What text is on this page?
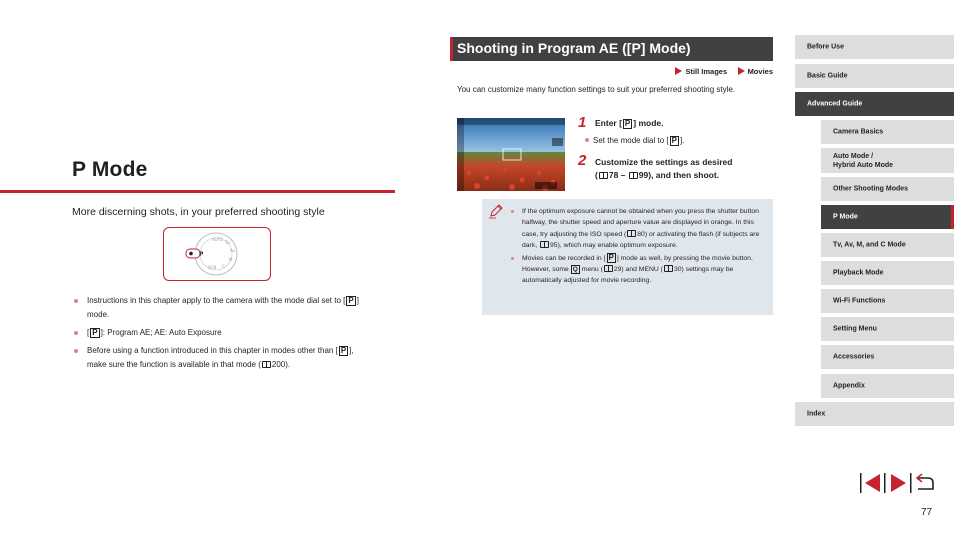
P Mode
More discerning shots, in your preferred shooting style
AUTO
Tv
Av
M
C
SCN
P
Instructions in this chapter apply to the camera with the mode dial set to [ P ] mode.
[ P ]: Program AE; AE: Auto Exposure
Before using a function introduced in this chapter in modes other than [ P ], make sure the function is available in that mode ( 200).
Shooting in Program AE ([P] Mode)
Still Images	Movies
You can customize many function settings to suit your preferred shooting style.
1 Enter [ P ] mode.
Set the mode dial to [ P ].
2 Customize the settings as desired
( 78 – 99), and then shoot.
If the optimum exposure cannot be obtained when you press the shutter button halfway, the shutter speed and aperture value are displayed in orange. In this case, try adjusting the ISO speed ( 80) or activating the flash (if subjects are dark, 95), which may enable optimum exposure.
Movies can be recorded in [ P ] mode as well, by pressing the movie button. However, some Q menu ( 29) and MENU ( 30) settings may be automatically adjusted for movie recording.
Before Use
Basic Guide
Advanced Guide
Camera Basics
Auto Mode /
Hybrid Auto Mode
Other Shooting Modes
P Mode
Tv, Av, M, and C Mode
Playback Mode
Wi-Fi Functions
Setting Menu
Accessories
Appendix
Index
77
